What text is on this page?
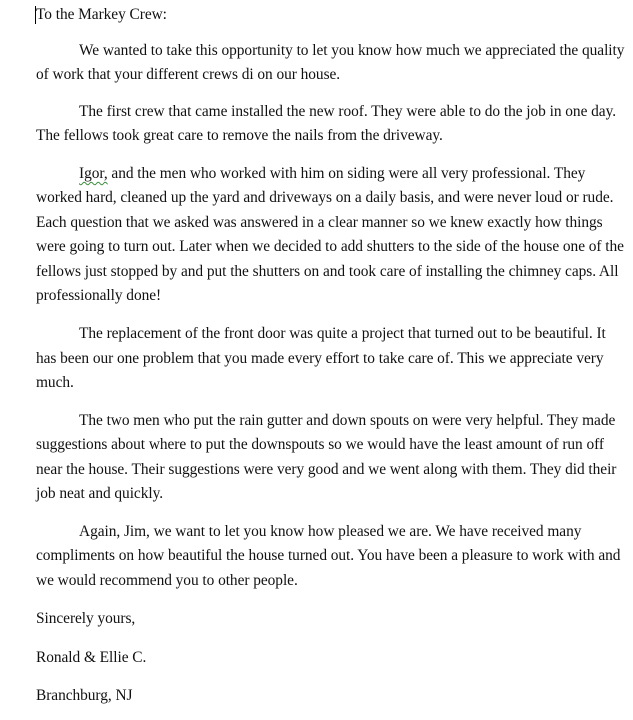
To the Markey Crew:
We wanted to take this opportunity to let you know how much we appreciated the quality
of work that your different crews di on our house.
The first crew that came installed the new roof. They were able to do the job in one day.
The fellows took great care to remove the nails from the driveway.
Igor, and the men who worked with him on siding were all very professional. They
worked hard, cleaned up the yard and driveways on a daily basis, and were never loud or rude.
Each question that we asked was answered in a clear manner so we knew exactly how things
were going to turn out. Later when we decided to add shutters to the side of the house one of the
fellows just stopped by and put the shutters on and took care of installing the chimney caps. All
professionally done!
The replacement of the front door was quite a project that turned out to be beautiful. It
has been our one problem that you made every effort to take care of. This we appreciate very
much.
The two men who put the rain gutter and down spouts on were very helpful. They made
suggestions about where to put the downspouts so we would have the least amount of run off
near the house. Their suggestions were very good and we went along with them. They did their
job neat and quickly.
Again, Jim, we want to let you know how pleased we are. We have received many
compliments on how beautiful the house turned out. You have been a pleasure to work with and
we would recommend you to other people.
Sincerely yours,
Ronald & Ellie C.
Branchburg, NJ
